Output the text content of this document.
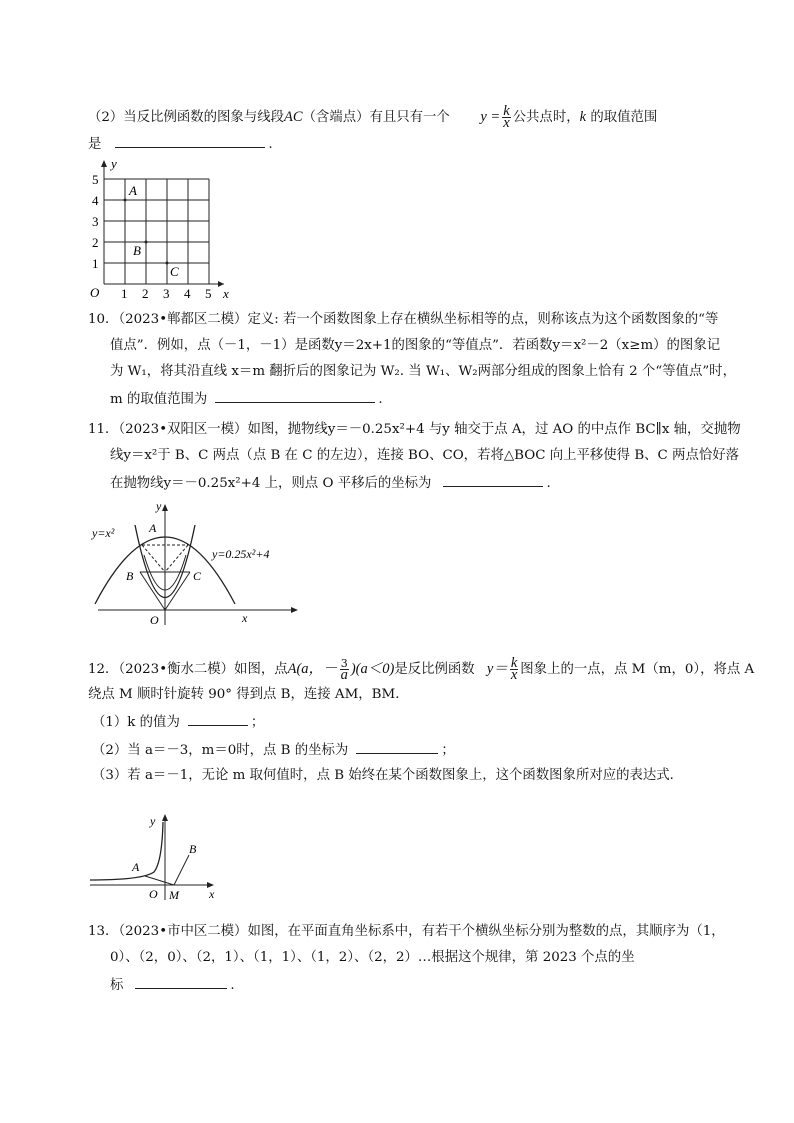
（2）当反比例函数的图象与线段AC（含端点）有且只有一个 $y = \frac{k}{x}$ 公共点时，k 的取值范围
是	.
y
x
O
1
2
3
4
5
1 2 3 4 5
A
B
C
10．（2023•郸都区二模）定义: 若一个函数图象上存在横纵坐标相等的点，则称该点为这个函数图象的“等
值点”．例如，点（－1，－1）是函数y＝2x+1的图象的“等值点”．若函数y＝x²－2（x≥m）的图象记
为 W₁，将其沿直线 x＝m 翻折后的图象记为 W₂. 当 W₁、W₂两部分组成的图象上恰有 2 个“等值点”时，
m 的取值范围为	.
11．（2023•双阳区一模）如图，抛物线y＝－0.25x²+4 与y 轴交于点 A，过 AO 的中点作 BC∥x 轴，交抛物
线y＝x²于 B、C 两点（点 B 在 C 的左边），连接 BO、CO，若将△BOC 向上平移使得 B、C 两点恰好落
在抛物线y＝－0.25x²+4 上，则点 O 平移后的坐标为	.
y=x²
y=0.25x²+4
y
x
O
A
B	C
12．（2023•衡水二模）如图，点A(a，－ $\frac{3}{a} )(a<0)$是反比例函数 $y= \frac{k}{x}$ 图象上的一点，点 M（m，0），将点 A
绕点 M 顺时针旋转 90° 得到点 B，连接 AM，BM．
（1）k 的值为	；
（2）当 a＝－3，m＝0时，点 B 的坐标为	；
（3）若 a＝－1，无论 m 取何值时，点 B 始终在某个函数图象上，这个函数图象所对应的表达式．
y
x
O
A
B
M
13．（2023•市中区二模）如图，在平面直角坐标系中，有若干个横纵坐标分别为整数的点，其顺序为（1，
0）、（2，0）、（2，1）、（1，1）、（1，2）、（2，2）…根据这个规律，第 2023 个点的坐
标	.
